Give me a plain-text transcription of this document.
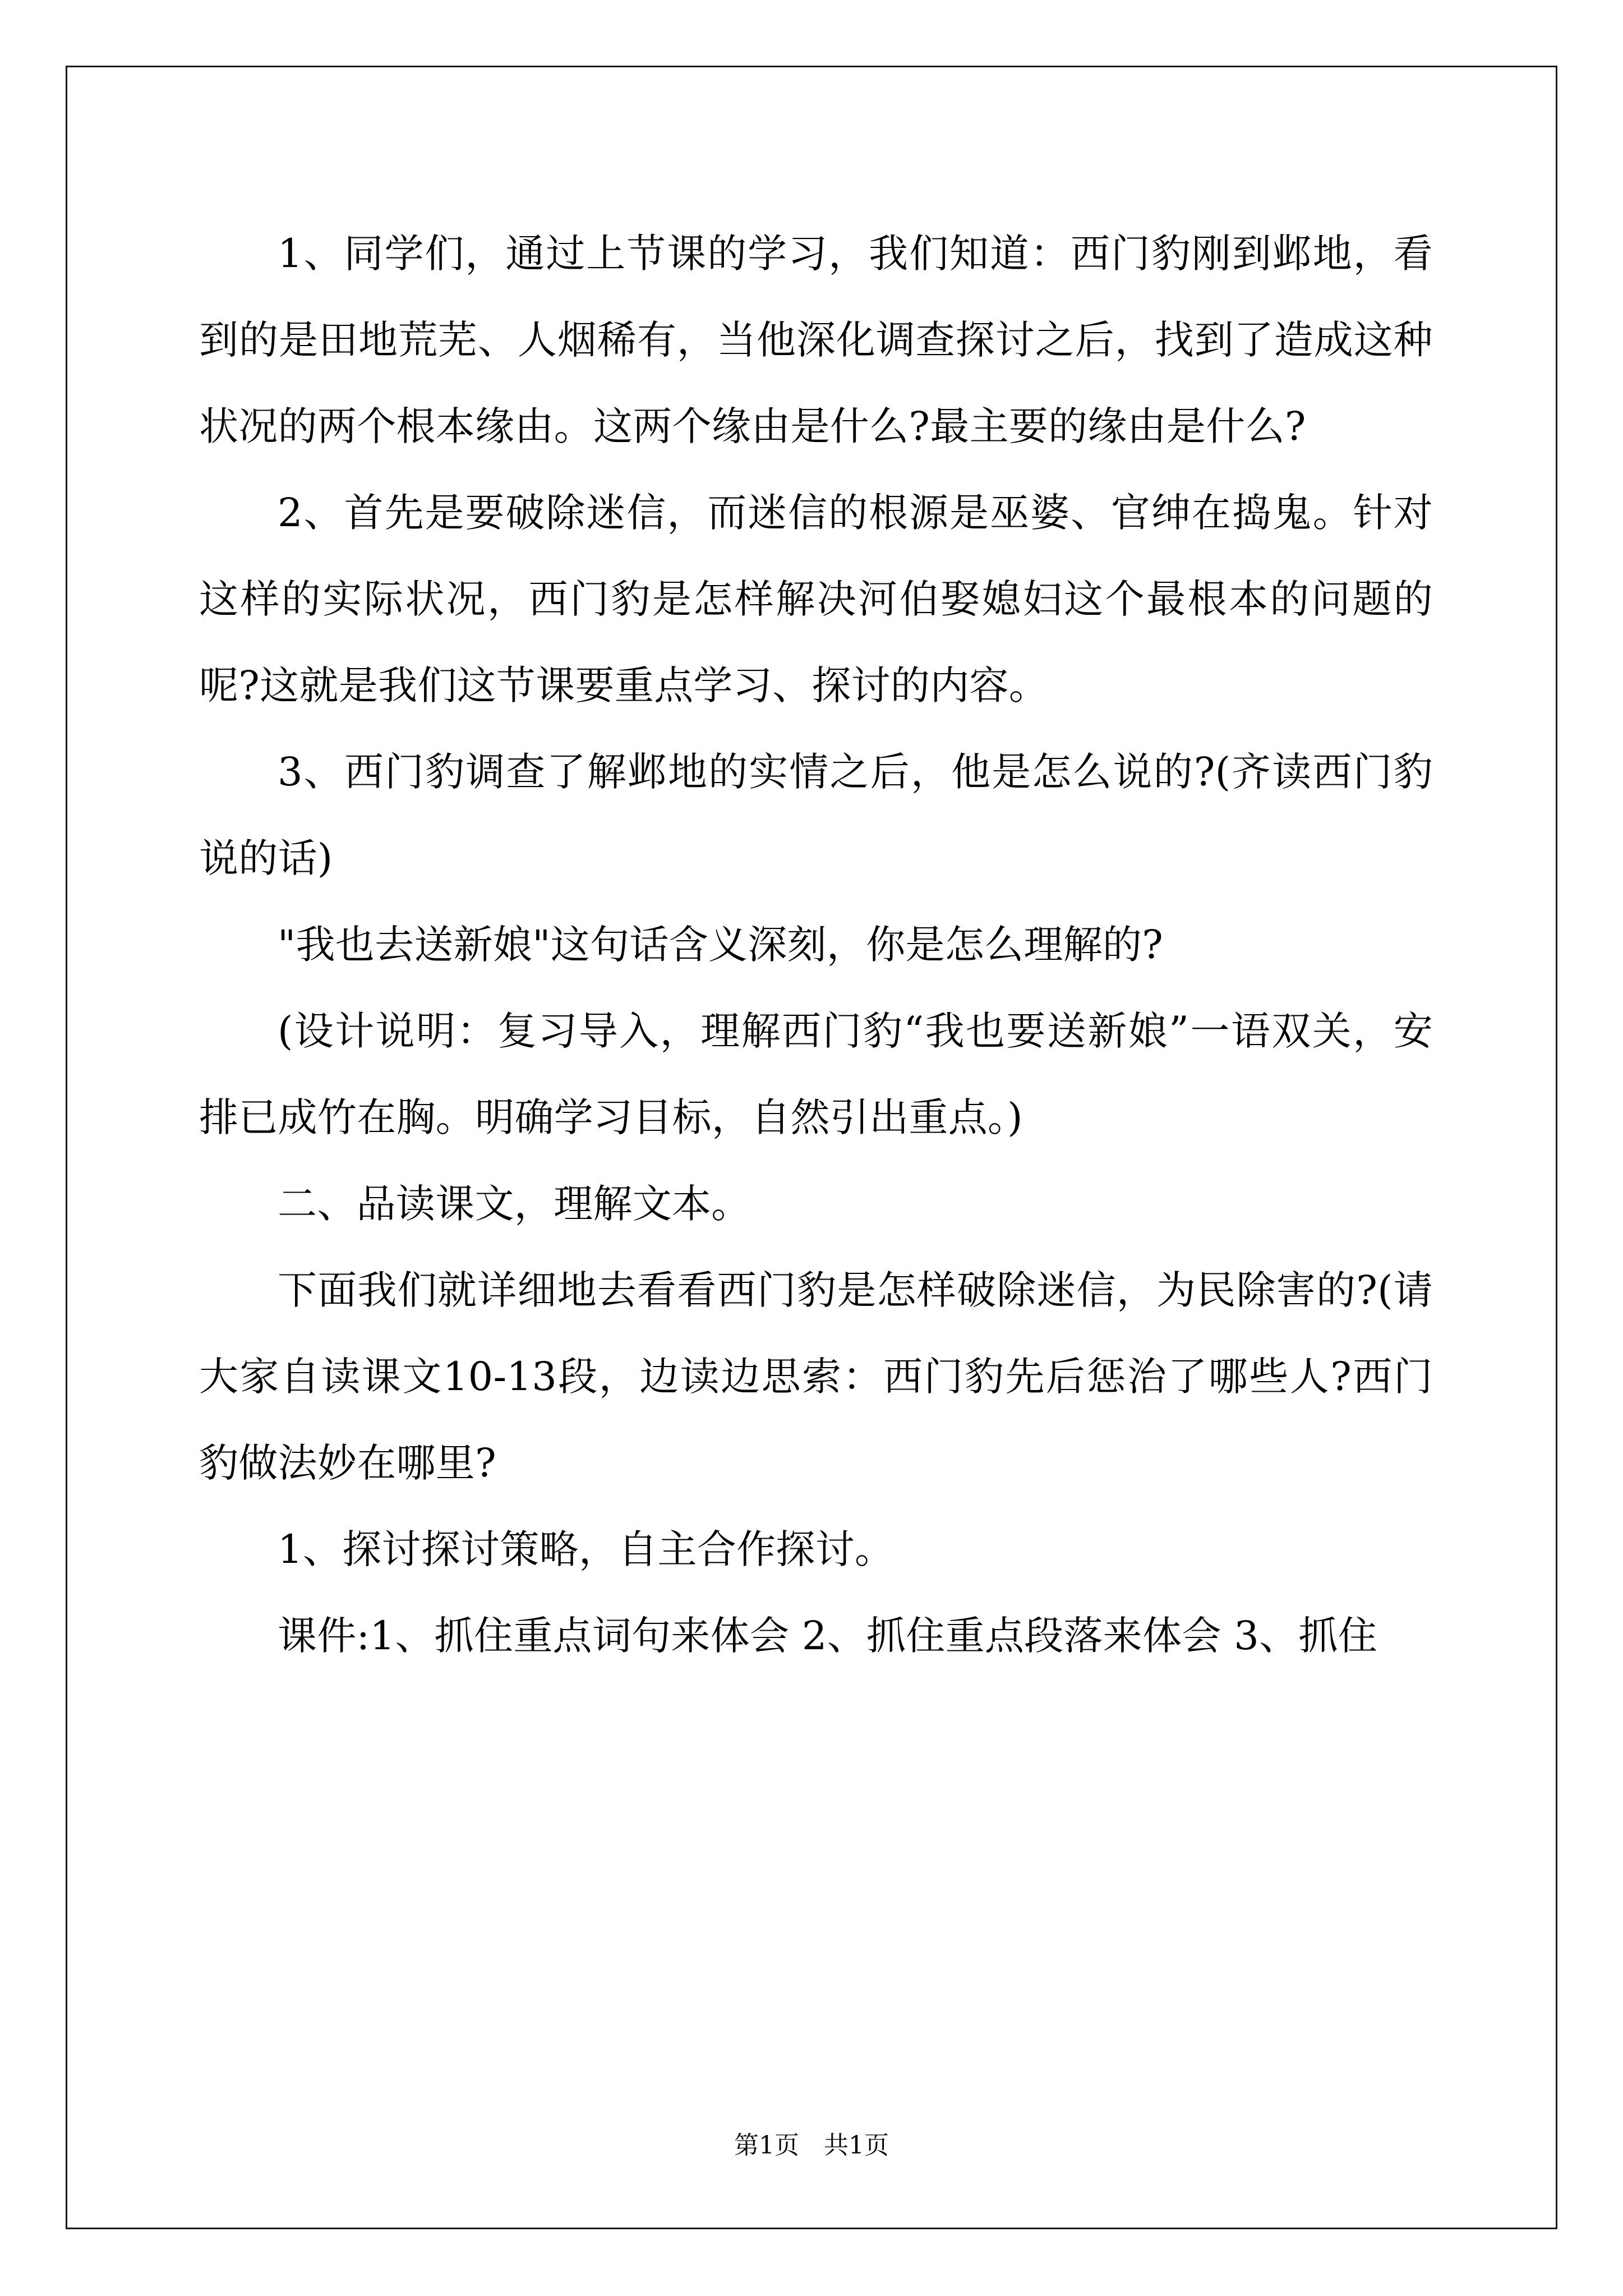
1、同学们，通过上节课的学习，我们知道：西门豹刚到邺地，看到的是田地荒芜、人烟稀有，当他深化调查探讨之后，找到了造成这种状况的两个根本缘由。这两个缘由是什么?最主要的缘由是什么?

2、首先是要破除迷信，而迷信的根源是巫婆、官绅在捣鬼。针对这样的实际状况，西门豹是怎样解决河伯娶媳妇这个最根本的问题的呢?这就是我们这节课要重点学习、探讨的内容。

3、西门豹调查了解邺地的实情之后，他是怎么说的?(齐读西门豹说的话)

"我也去送新娘"这句话含义深刻，你是怎么理解的?

(设计说明：复习导入，理解西门豹“我也要送新娘”一语双关，安排已成竹在胸。明确学习目标，自然引出重点。)

二、品读课文，理解文本。

下面我们就详细地去看看西门豹是怎样破除迷信，为民除害的?(请大家自读课文10-13段，边读边思索：西门豹先后惩治了哪些人?西门豹做法妙在哪里?

1、探讨探讨策略，自主合作探讨。

课件:1、抓住重点词句来体会 2、抓住重点段落来体会 3、抓住

第1页 共1页
